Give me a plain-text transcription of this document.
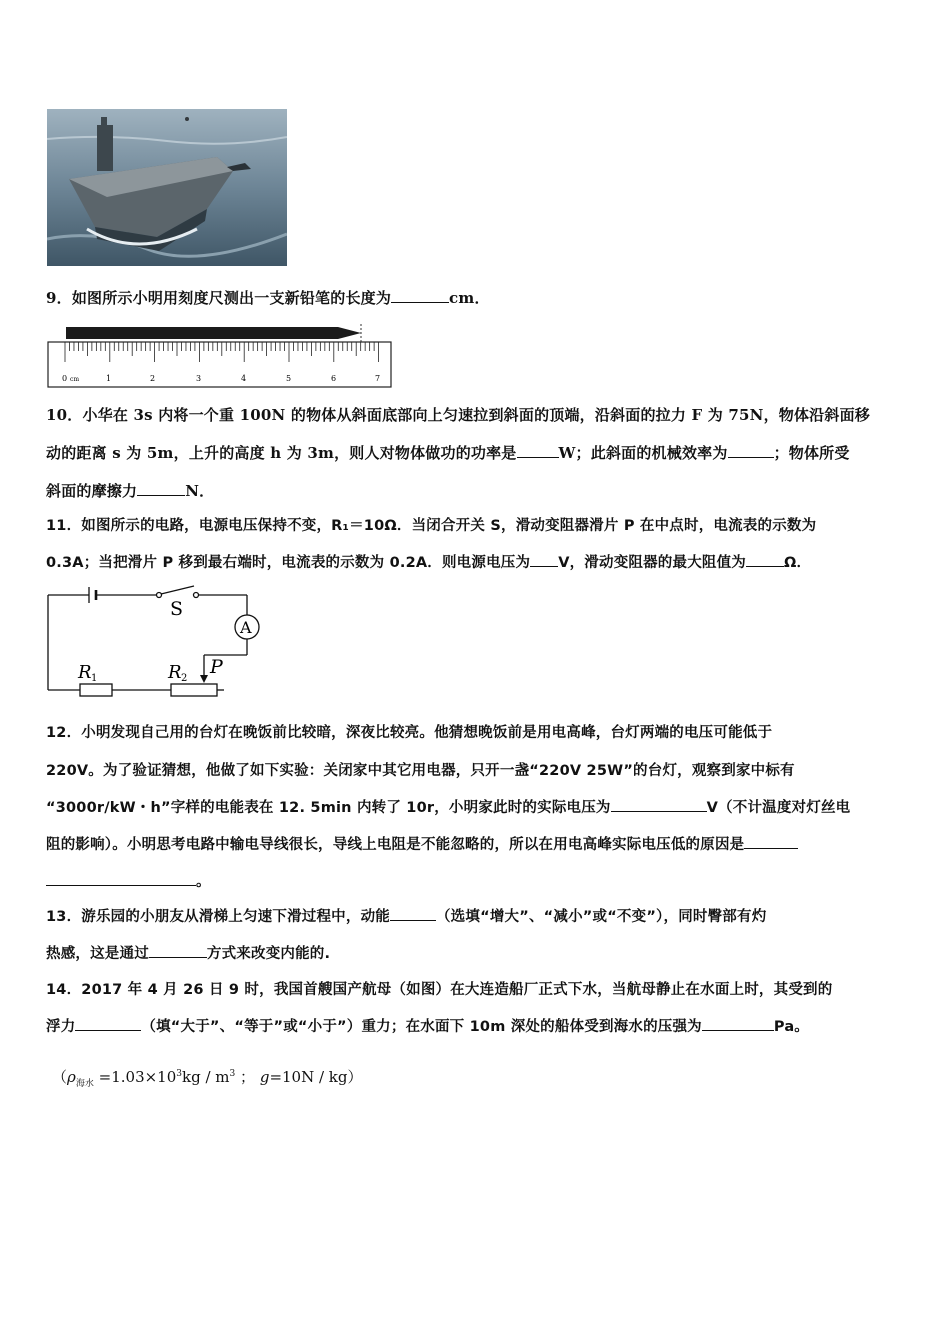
9．如图所示小明用刻度尺测出一支新铅笔的长度为	cm．
0 cm	1	2	3	4	5	6	7
10．小华在 3s 内将一个重 100N 的物体从斜面底部向上匀速拉到斜面的顶端，沿斜面的拉力 F 为 75N，物体沿斜面移
动的距离 s 为 5m，上升的高度 h 为 3m，则人对物体做功的功率是	W；此斜面的机械效率为	；物体所受
斜面的摩擦力	N．
11．如图所示的电路，电源电压保持不变，R₁＝10Ω．当闭合开关 S，滑动变阻器滑片 P 在中点时，电流表的示数为
0.3A；当把滑片 P 移到最右端时，电流表的示数为 0.2A．则电源电压为 V，滑动变阻器的最大阻值为	Ω．
S
A
R 1	R 2
P
12．小明发现自己用的台灯在晚饭前比较暗，深夜比较亮。他猜想晚饭前是用电高峰，台灯两端的电压可能低于
220V。为了验证猜想，他做了如下实验：关闭家中其它用电器，只开一盏“220V 25W”的台灯，观察到家中标有
“3000r/kW・h”字样的电能表在 12. 5min 内转了 10r，小明家此时的实际电压为	V（不计温度对灯丝电
阻的影响）。小明思考电路中输电导线很长，导线上电阻是不能忽略的，所以在用电高峰实际电压低的原因是
。
13．游乐园的小朋友从滑梯上匀速下滑过程中，动能	（选填“增大”、“减小”或“不变”），同时臀部有灼
热感，这是通过	方式来改变内能的.
14．2017 年 4 月 26 日 9 时，我国首艘国产航母（如图）在大连造船厂正式下水，当航母静止在水面上时，其受到的
浮力	（填“大于”、“等于”或“小于”）重力；在水面下 10m 深处的船体受到海水的压强为	Pa。
（$\rho_{海水} =1.03\times 10^3kg / m^3$ ； g=10N / kg）
